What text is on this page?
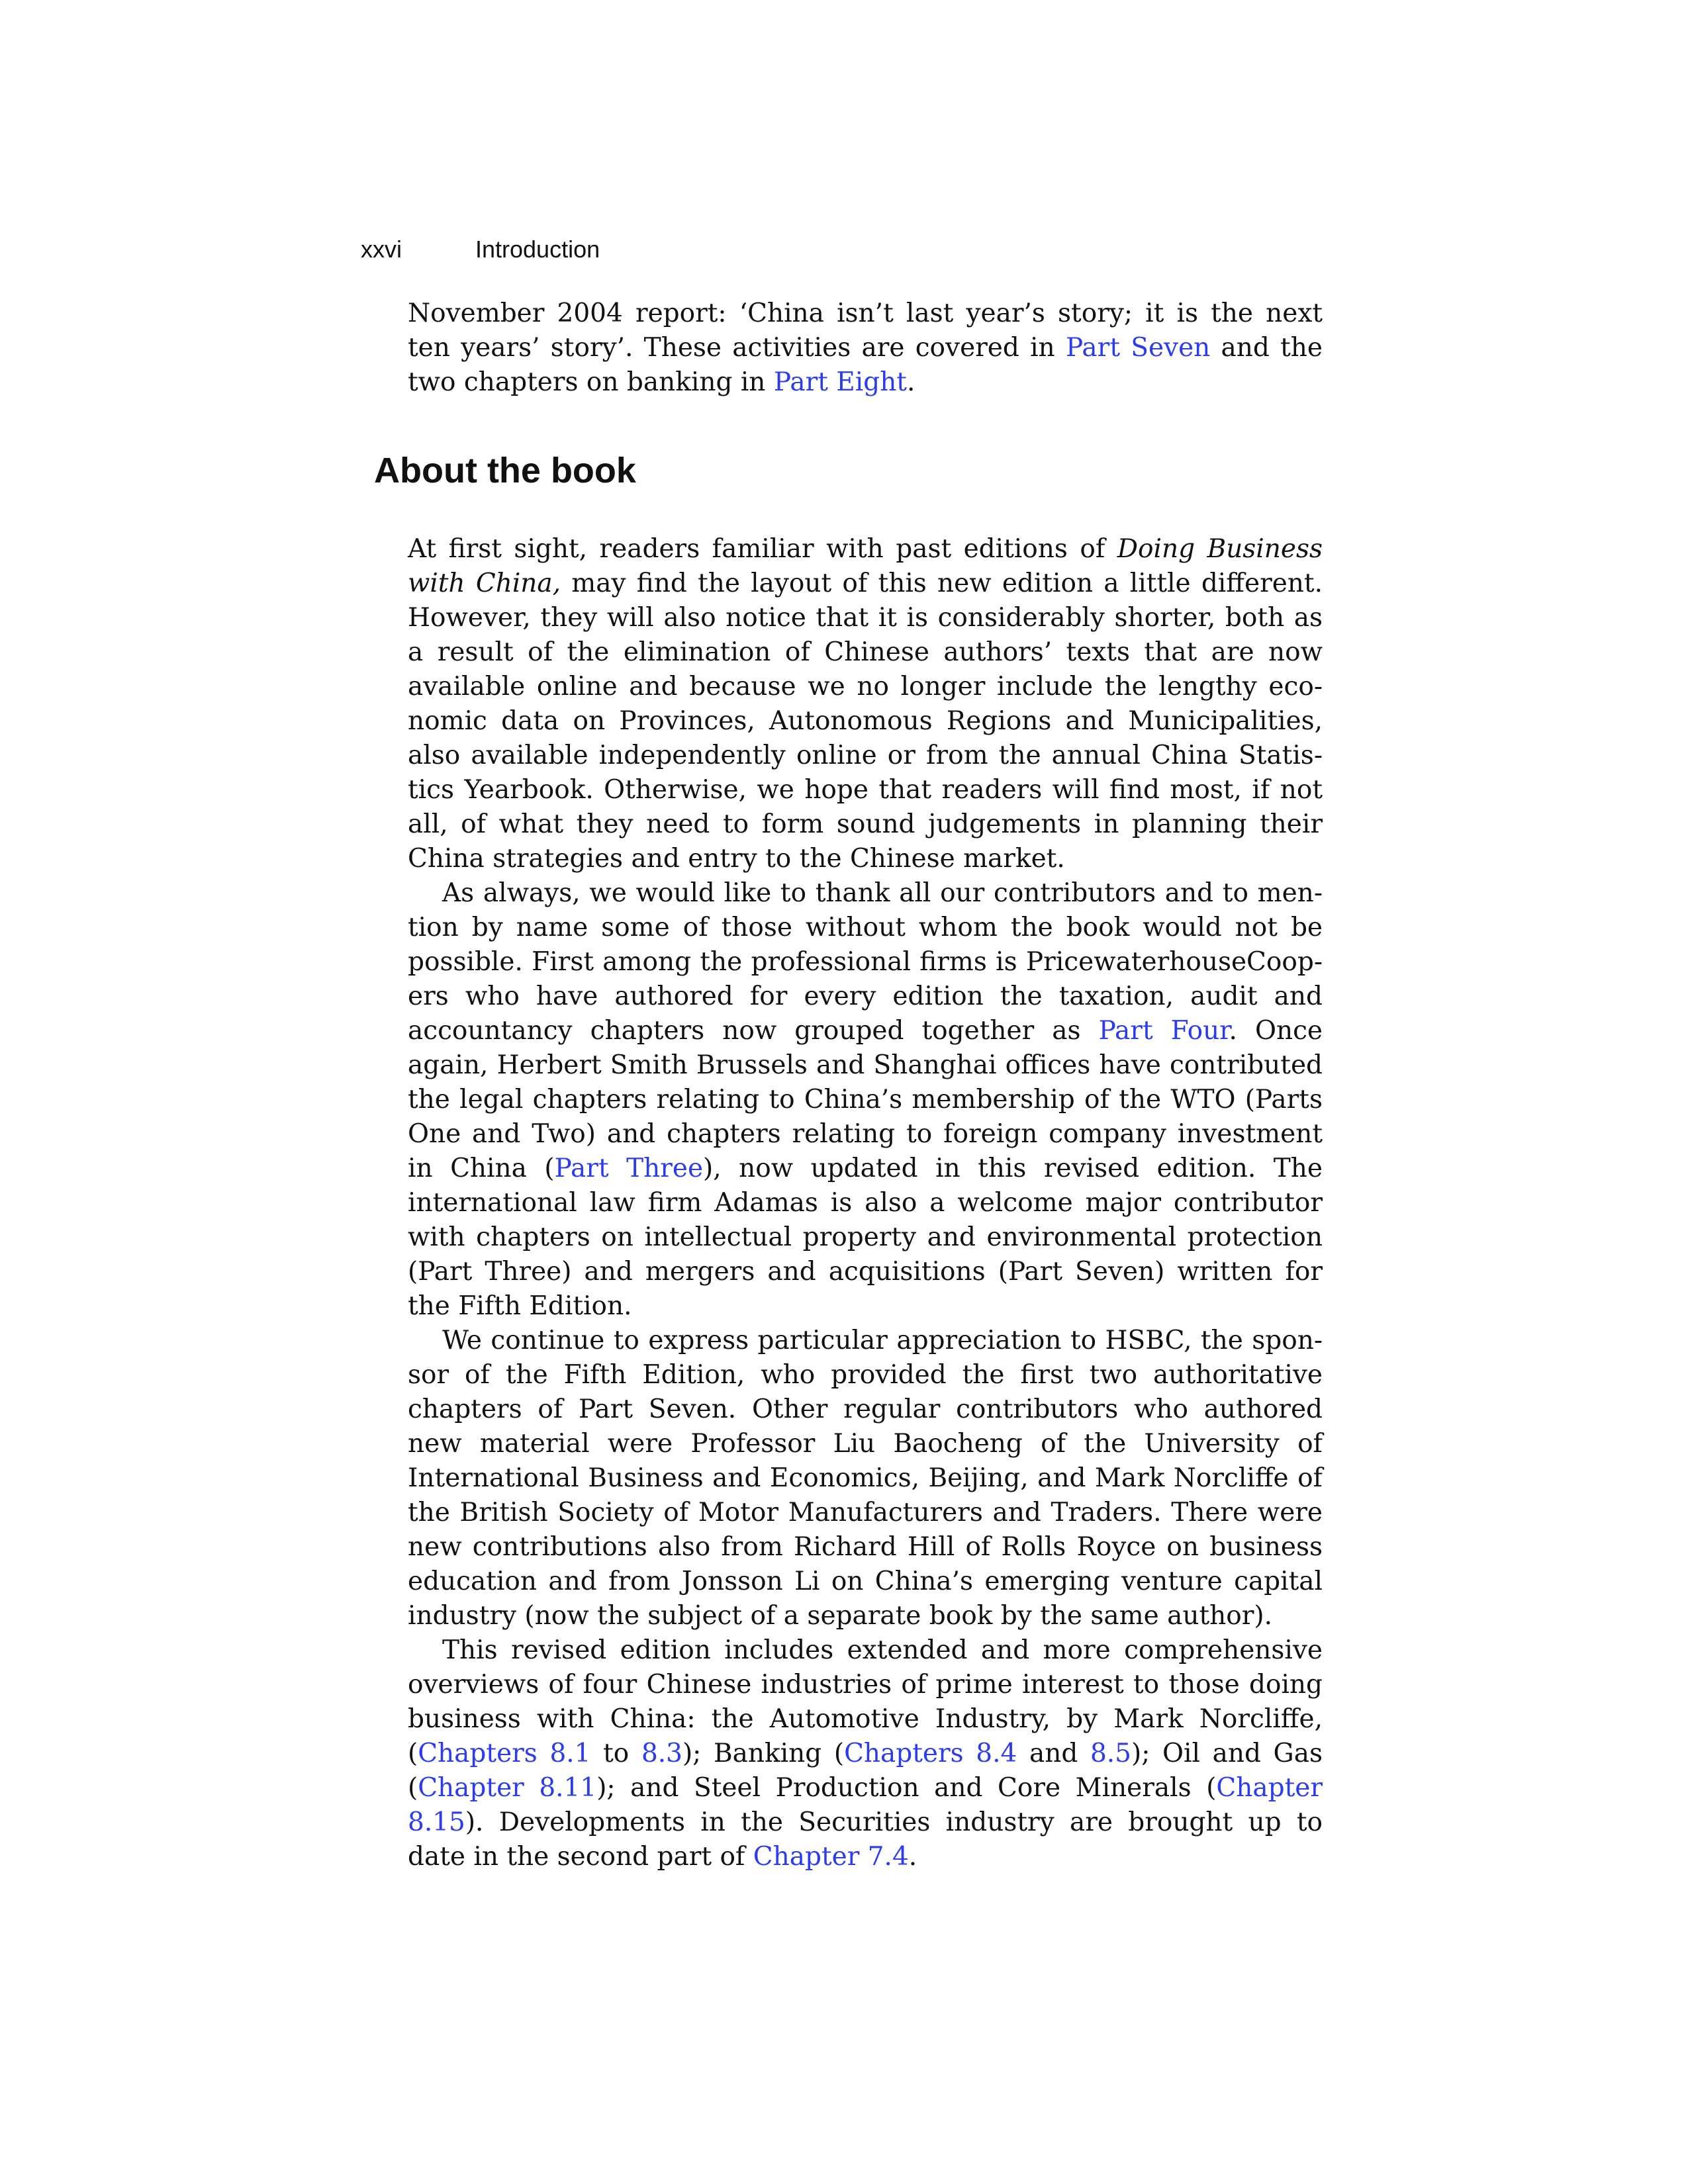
xxvi	Introduction

November 2004 report: ‘China isn’t last year’s story; it is the next ten years’ story’. These activities are covered in Part Seven and the two chapters on banking in Part Eight.

About the book

At first sight, readers familiar with past editions of Doing Business with China, may find the layout of this new edition a little different. However, they will also notice that it is considerably shorter, both as a result of the elimination of Chinese authors’ texts that are now available online and because we no longer include the lengthy economic data on Provinces, Autonomous Regions and Municipalities, also available independently online or from the annual China Statistics Yearbook. Otherwise, we hope that readers will find most, if not all, of what they need to form sound judgements in planning their China strategies and entry to the Chinese market.

As always, we would like to thank all our contributors and to mention by name some of those without whom the book would not be possible. First among the professional firms is PricewaterhouseCoopers who have authored for every edition the taxation, audit and accountancy chapters now grouped together as Part Four. Once again, Herbert Smith Brussels and Shanghai offices have contributed the legal chapters relating to China’s membership of the WTO (Parts One and Two) and chapters relating to foreign company investment in China (Part Three), now updated in this revised edition. The international law firm Adamas is also a welcome major contributor with chapters on intellectual property and environmental protection (Part Three) and mergers and acquisitions (Part Seven) written for the Fifth Edition.

We continue to express particular appreciation to HSBC, the sponsor of the Fifth Edition, who provided the first two authoritative chapters of Part Seven. Other regular contributors who authored new material were Professor Liu Baocheng of the University of International Business and Economics, Beijing, and Mark Norcliffe of the British Society of Motor Manufacturers and Traders. There were new contributions also from Richard Hill of Rolls Royce on business education and from Jonsson Li on China’s emerging venture capital industry (now the subject of a separate book by the same author).

This revised edition includes extended and more comprehensive overviews of four Chinese industries of prime interest to those doing business with China: the Automotive Industry, by Mark Norcliffe, (Chapters 8.1 to 8.3); Banking (Chapters 8.4 and 8.5); Oil and Gas (Chapter 8.11); and Steel Production and Core Minerals (Chapter 8.15). Developments in the Securities industry are brought up to date in the second part of Chapter 7.4.
